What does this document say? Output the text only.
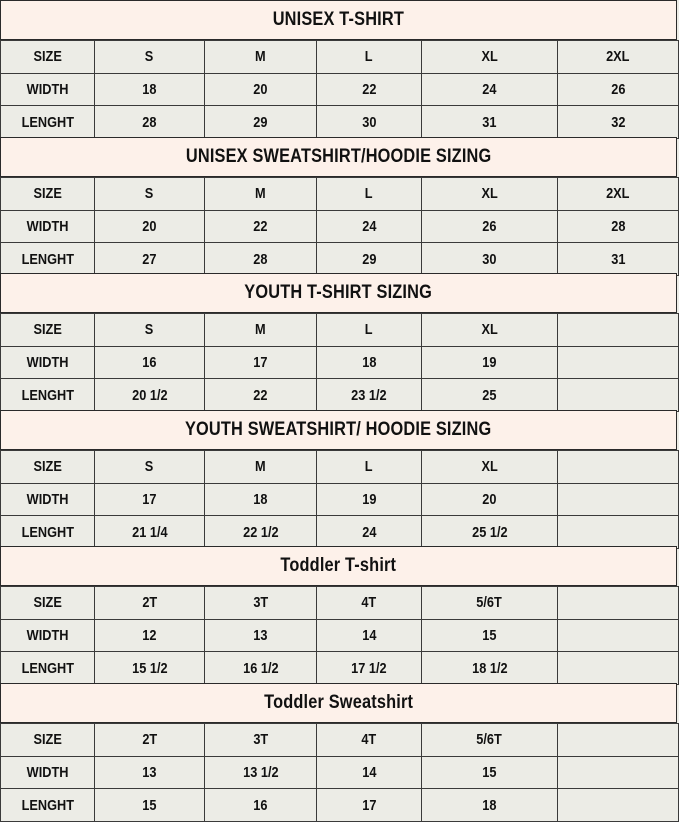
UNISEX T-SHIRT
SIZE	S	M	L	XL	2XL
WIDTH	18	20	22	24	26
LENGHT	28	29	30	31	32
UNISEX SWEATSHIRT/HOODIE SIZING
SIZE	S	M	L	XL	2XL
WIDTH	20	22	24	26	28
LENGHT	27	28	29	30	31
YOUTH T-SHIRT SIZING
SIZE	S	M	L	XL	
WIDTH	16	17	18	19	
LENGHT	20 1/2	22	23 1/2	25	
YOUTH SWEATSHIRT/ HOODIE SIZING
SIZE	S	M	L	XL	
WIDTH	17	18	19	20	
LENGHT	21 1/4	22 1/2	24	25 1/2	
Toddler T-shirt
SIZE	2T	3T	4T	5/6T	
WIDTH	12	13	14	15	
LENGHT	15 1/2	16 1/2	17 1/2	18 1/2	
Toddler Sweatshirt
SIZE	2T	3T	4T	5/6T	
WIDTH	13	13 1/2	14	15	
LENGHT	15	16	17	18	
